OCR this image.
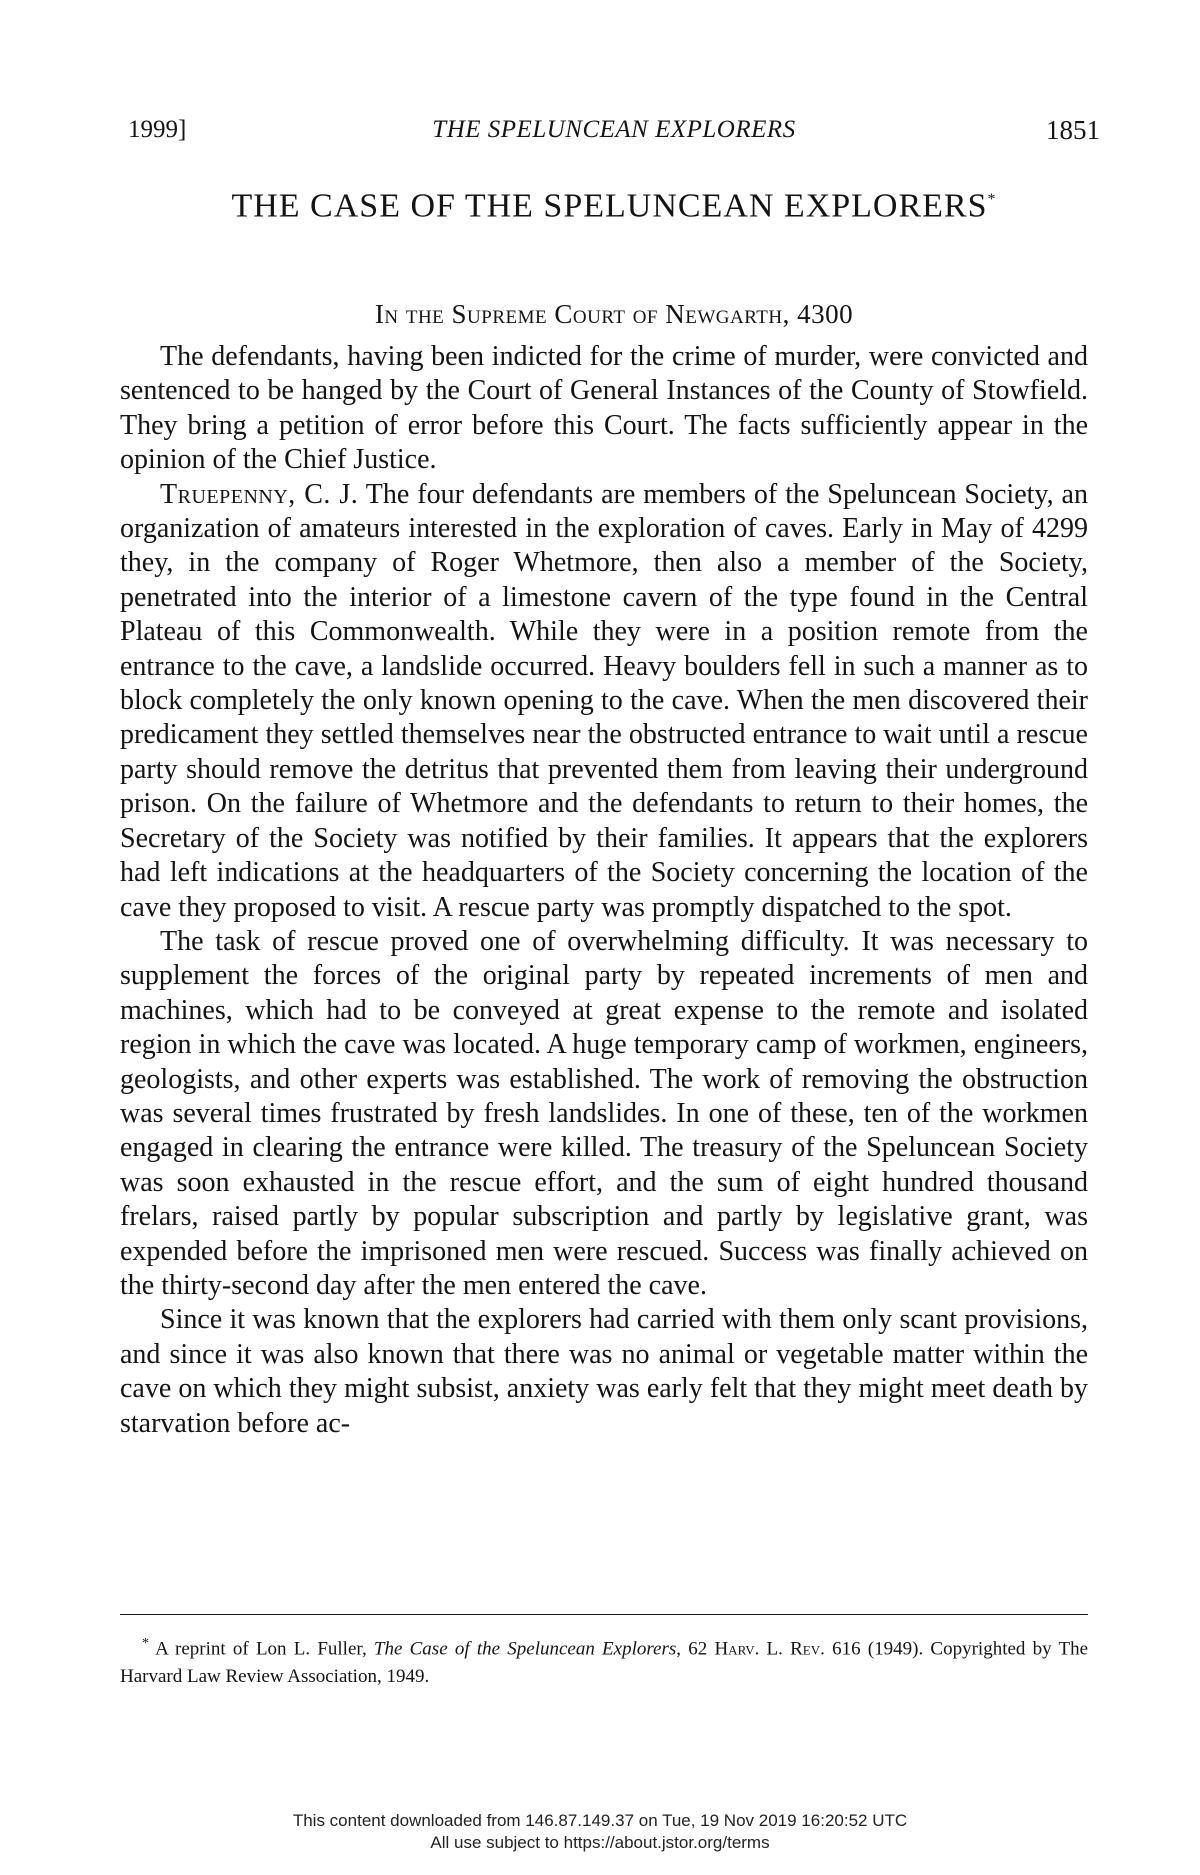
1999]	THE SPELUNCEAN EXPLORERS	1851
THE CASE OF THE SPELUNCEAN EXPLORERS*
In the Supreme Court of Newgarth, 4300

The defendants, having been indicted for the crime of murder, were convicted and sentenced to be hanged by the Court of General Instances of the County of Stowfield. They bring a petition of error before this Court. The facts sufficiently appear in the opinion of the Chief Justice.

Truepenny, C. J. The four defendants are members of the Speluncean Society, an organization of amateurs interested in the exploration of caves. Early in May of 4299 they, in the company of Roger Whetmore, then also a member of the Society, penetrated into the interior of a limestone cavern of the type found in the Central Plateau of this Commonwealth. While they were in a position remote from the entrance to the cave, a landslide occurred. Heavy boulders fell in such a manner as to block completely the only known opening to the cave. When the men discovered their predicament they settled themselves near the obstructed entrance to wait until a rescue party should remove the detritus that prevented them from leaving their underground prison. On the failure of Whetmore and the defendants to return to their homes, the Secretary of the Society was notified by their families. It appears that the explorers had left indications at the headquarters of the Society concerning the location of the cave they proposed to visit. A rescue party was promptly dispatched to the spot.

The task of rescue proved one of overwhelming difficulty. It was necessary to supplement the forces of the original party by repeated increments of men and machines, which had to be conveyed at great expense to the remote and isolated region in which the cave was located. A huge temporary camp of workmen, engineers, geologists, and other experts was established. The work of removing the obstruction was several times frustrated by fresh landslides. In one of these, ten of the workmen engaged in clearing the entrance were killed. The treasury of the Speluncean Society was soon exhausted in the rescue effort, and the sum of eight hundred thousand frelars, raised partly by popular subscription and partly by legislative grant, was expended before the imprisoned men were rescued. Success was finally achieved on the thirty-second day after the men entered the cave.

Since it was known that the explorers had carried with them only scant provisions, and since it was also known that there was no animal or vegetable matter within the cave on which they might subsist, anxiety was early felt that they might meet death by starvation before ac-

* A reprint of Lon L. Fuller, The Case of the Speluncean Explorers, 62 Harv. L. Rev. 616 (1949). Copyrighted by The Harvard Law Review Association, 1949.
This content downloaded from 146.87.149.37 on Tue, 19 Nov 2019 16:20:52 UTC
All use subject to https://about.jstor.org/terms
